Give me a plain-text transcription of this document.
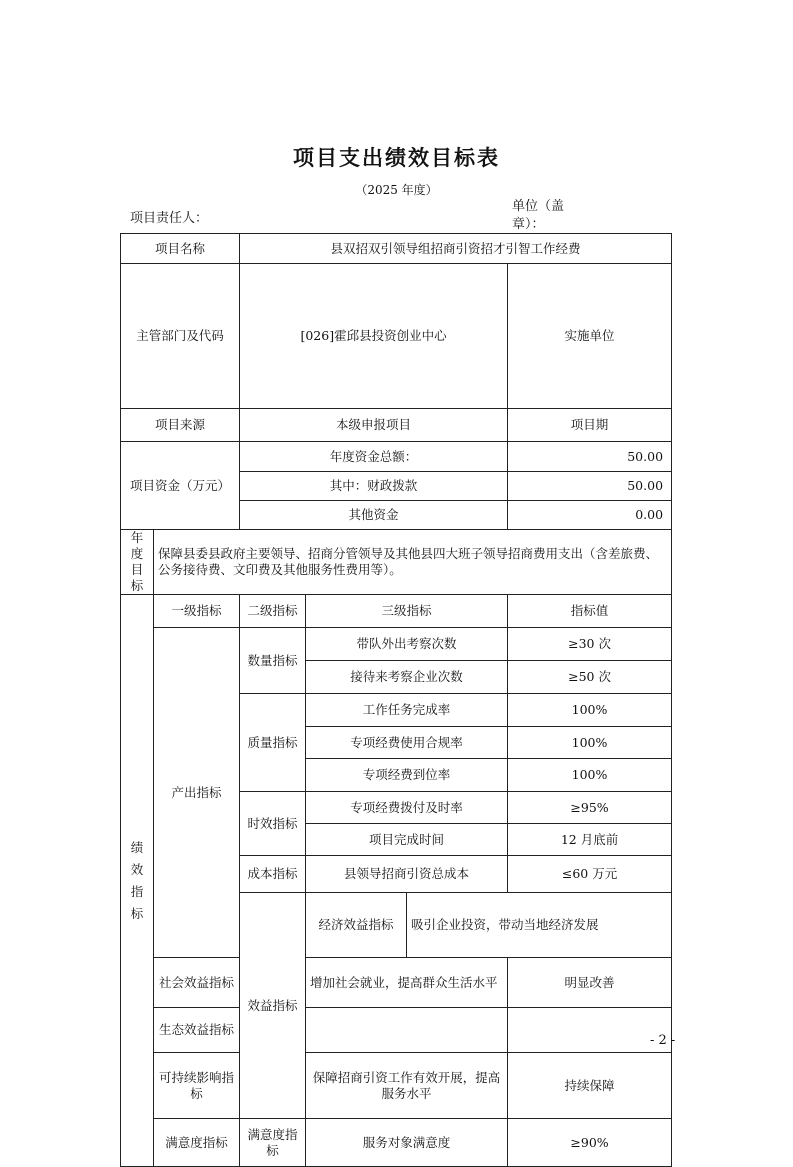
项目支出绩效目标表
（2025 年度）
项目责任人：
单位（盖章）：
项目名称		县双招双引领导组招商引资招才引智工作经费				
主管部门及代码		[026]霍邱县投资创业中心			实施单位	
项目来源		本级申报项目			项目期	
项目资金（万元）		年度资金总额：			50.00	
		其中：财政拨款			50.00	
		其他资金			0.00	
年度目标	保障县委县政府主要领导、招商分管领导及其他县四大班子领导招商费用支出（含差旅费、公务接待费、文印费及其他服务性费用等）。					
绩效指标	一级指标	二级指标	三级指标		指标值	
	产出指标	数量指标	带队外出考察次数		≥30 次	
			接待来考察企业次数		≥50 次	
		质量指标	工作任务完成率		100%	
			专项经费使用合规率		100%	
			专项经费到位率		100%	
		时效指标	专项经费拨付及时率		≥95%	
			项目完成时间		12 月底前	
		成本指标	县领导招商引资总成本		≤60 万元	
		效益指标	经济效益指标	吸引企业投资，带动当地经济发展	
	社会效益指标		增加社会就业，提高群众生活水平		明显改善	
	生态效益指标					
	可持续影响指标		保障招商引资工作有效开展，提高服务水平		持续保障	
	满意度指标	满意度指标	服务对象满意度		≥90%	
- 2 -
